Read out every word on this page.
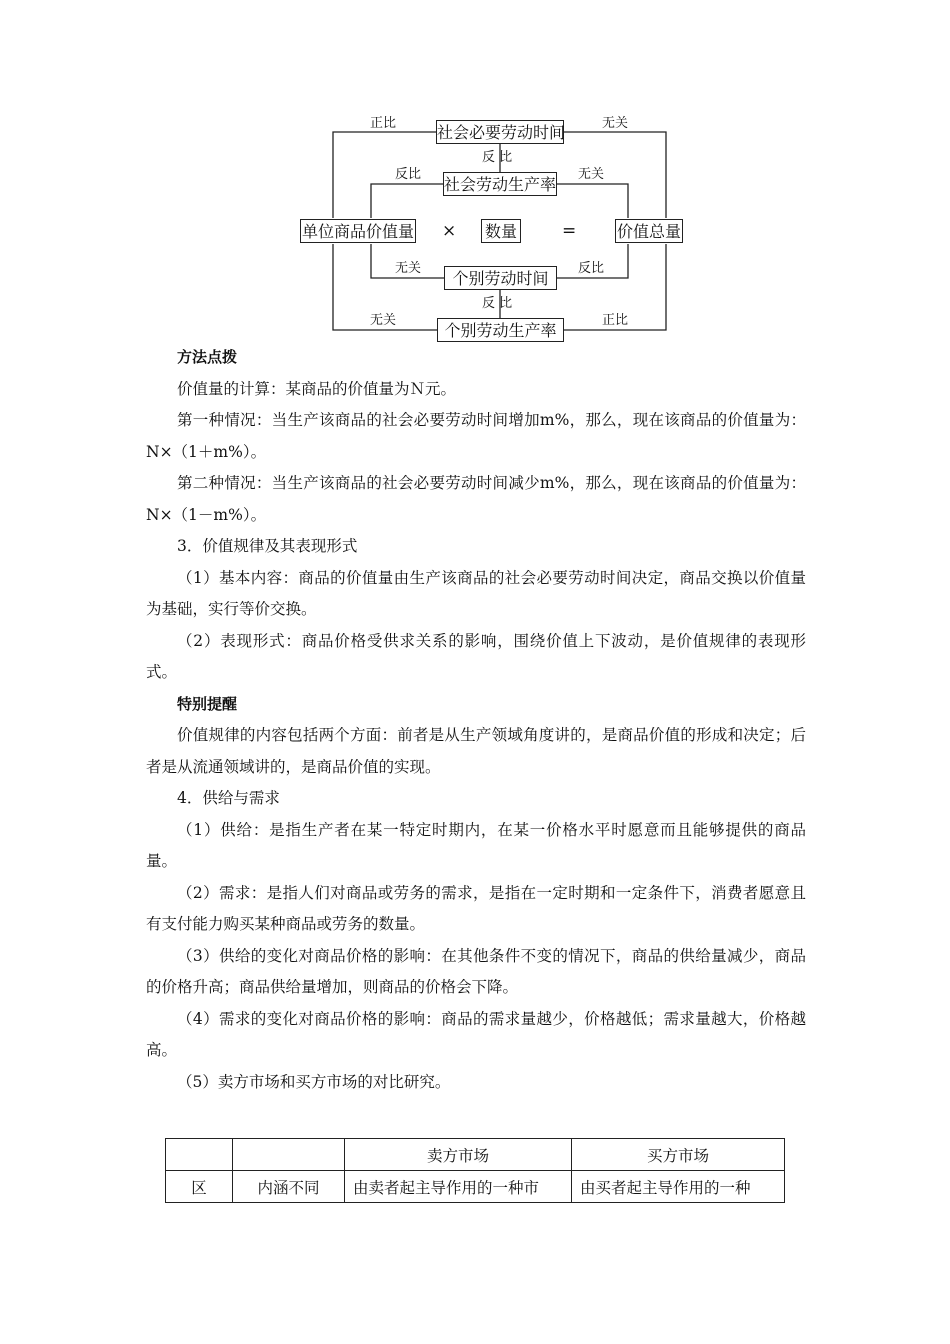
社会必要劳动时间
社会劳动生产率
单位商品价值量	数量	价值总量
个别劳动时间
个别劳动生产率
×	=
正比	无关
反比	无关
无关	反比
无关	正比
反 比
反 比

方法点拨

价值量的计算：某商品的价值量为Ｎ元。

第一种情况：当生产该商品的社会必要劳动时间增加m%，那么，现在该商品的价值量为：N×（1＋m%）。

第二种情况：当生产该商品的社会必要劳动时间减少m%，那么，现在该商品的价值量为：N×（1－m%）。

3．价值规律及其表现形式

（1）基本内容：商品的价值量由生产该商品的社会必要劳动时间决定，商品交换以价值量为基础，实行等价交换。

（2）表现形式：商品价格受供求关系的影响，围绕价值上下波动，是价值规律的表现形式。

特别提醒

价值规律的内容包括两个方面：前者是从生产领域角度讲的，是商品价值的形成和决定；后者是从流通领域讲的，是商品价值的实现。

4．供给与需求

（1）供给：是指生产者在某一特定时期内，在某一价格水平时愿意而且能够提供的商品量。

（2）需求：是指人们对商品或劳务的需求，是指在一定时期和一定条件下，消费者愿意且有支付能力购买某种商品或劳务的数量。

（3）供给的变化对商品价格的影响：在其他条件不变的情况下，商品的供给量减少，商品的价格升高；商品供给量增加，则商品的价格会下降。

（4）需求的变化对商品价格的影响：商品的需求量越少，价格越低；需求量越大，价格越高。

（5）卖方市场和买方市场的对比研究。

		卖方市场	买方市场
区	内涵不同	由卖者起主导作用的一种市	由买者起主导作用的一种
